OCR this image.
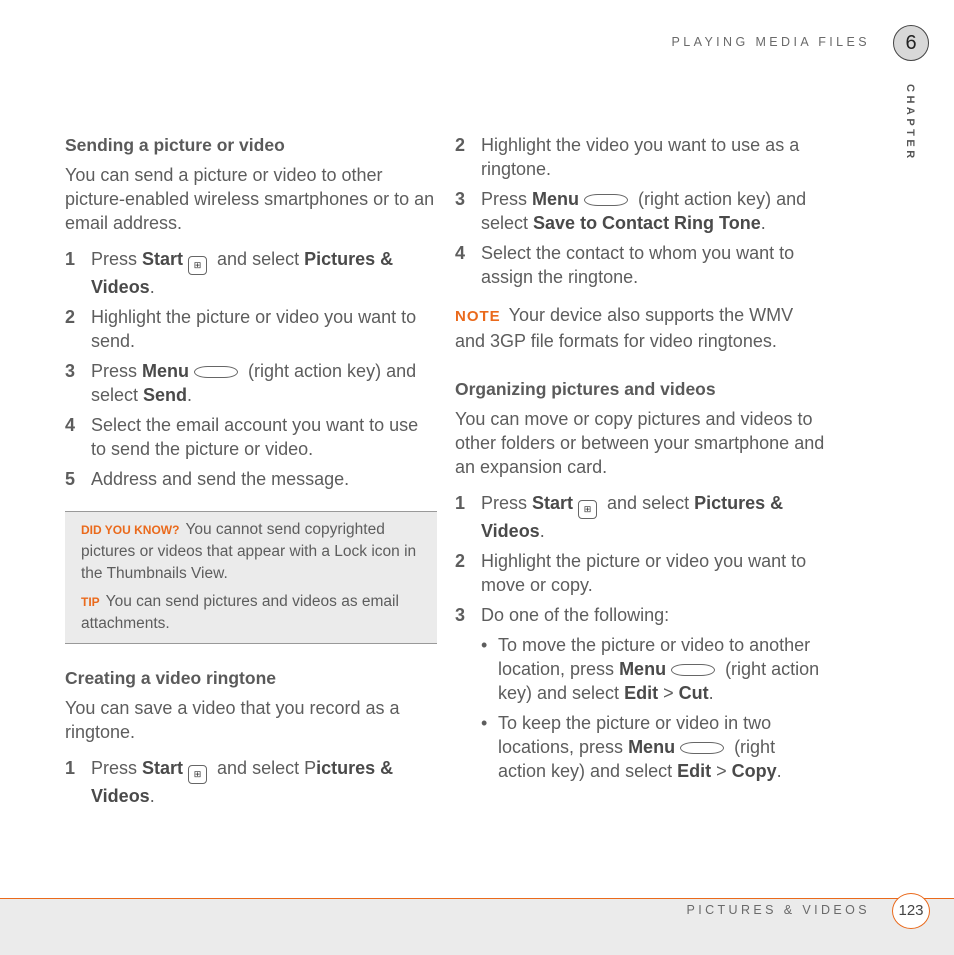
PLAYING MEDIA FILES	6
CHAPTER
Sending a picture or video

You can send a picture or video to other picture-enabled wireless smartphones or to an email address.

1 Press Start ⊞ and select Pictures & Videos.
2 Highlight the picture or video you want to send.
3 Press Menu	(right action key) and select Send.
4 Select the email account you want to use to send the picture or video.
5 Address and send the message.
DID YOU KNOW? You cannot send copyrighted pictures or videos that appear with a Lock icon in the Thumbnails View.
TIP You can send pictures and videos as email attachments.
Creating a video ringtone

You can save a video that you record as a ringtone.

1 Press Start ⊞ and select Pictures & Videos.
2 Highlight the video you want to use as a ringtone.
3 Press Menu	(right action key) and select Save to Contact Ring Tone.
4 Select the contact to whom you want to assign the ringtone.
NOTE Your device also supports the WMV and 3GP file formats for video ringtones.
Organizing pictures and videos

You can move or copy pictures and videos to other folders or between your smartphone and an expansion card.

1 Press Start ⊞ and select Pictures & Videos.
2 Highlight the picture or video you want to move or copy.
3 Do one of the following:
• To move the picture or video to another location, press Menu	(right action key) and select Edit > Cut.
• To keep the picture or video in two locations, press Menu	(right action key) and select Edit > Copy.
PICTURES & VIDEOS	123
